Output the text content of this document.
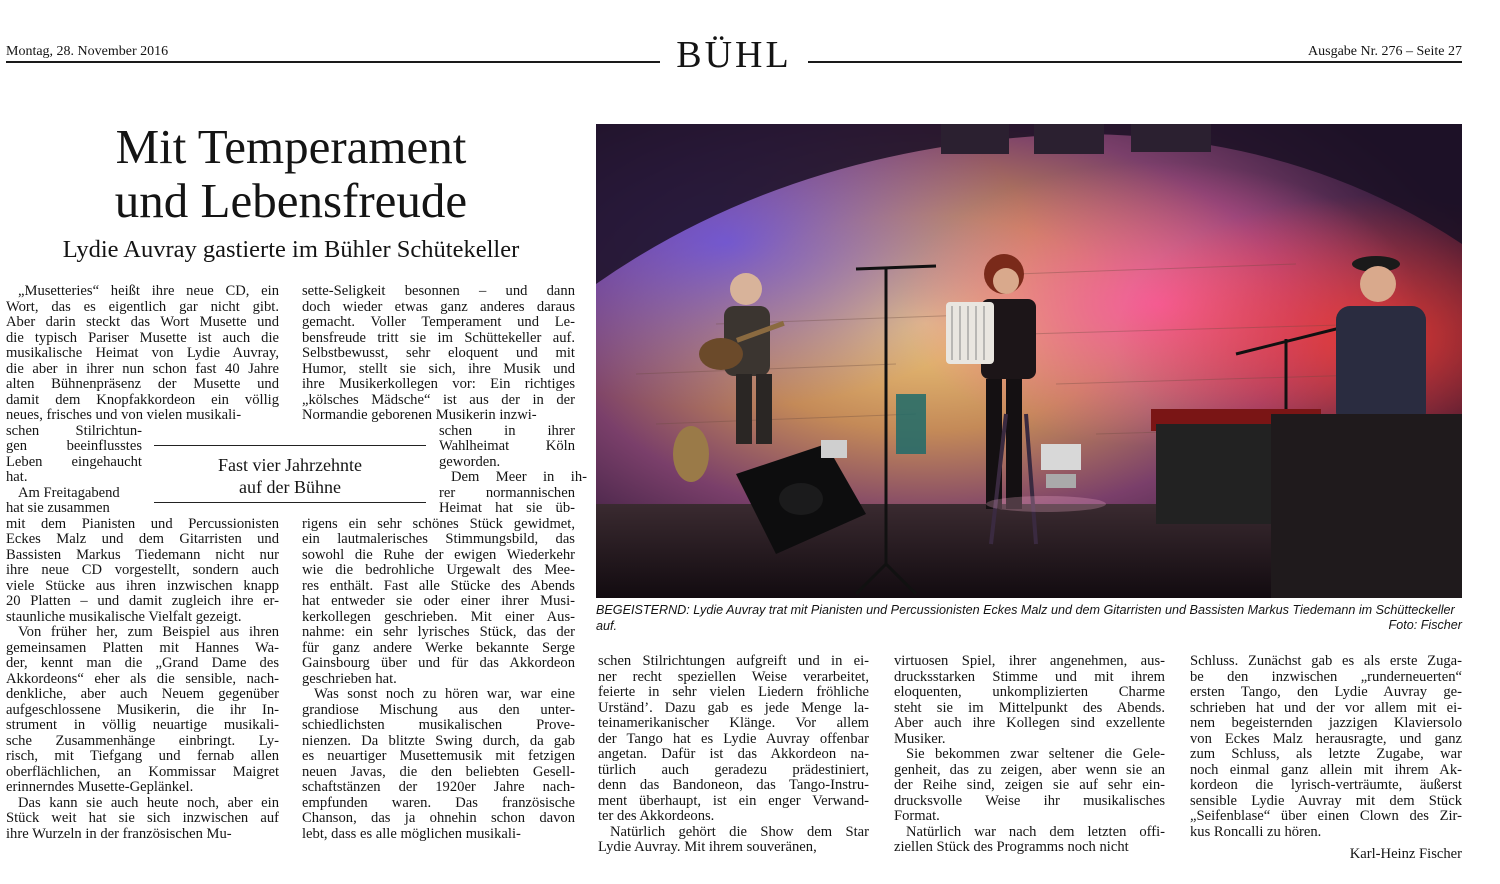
Montag, 28. November 2016	BÜHL	Ausgabe Nr. 276 – Seite 27
Mit Temperament
und Lebensfreude
Lydie Auvray gastierte im Bühler Schütekeller
„Musetteries“ heißt ihre neue CD, ein
Wort, das es eigentlich gar nicht gibt.
Aber darin steckt das Wort Musette und
die typisch Pariser Musette ist auch die
musikalische Heimat von Lydie Auvray,
die aber in ihrer nun schon fast 40 Jahre
alten Bühnenpräsenz der Musette und
damit dem Knopfakkordeon ein völlig
neues, frisches und von vielen musikali-
schen Stilrichtun-
gen beeinflusstes
Leben eingehaucht
hat.
Am Freitagabend
hat sie zusammen
mit dem Pianisten und Percussionisten
Eckes Malz und dem Gitarristen und
Bassisten Markus Tiedemann nicht nur
ihre neue CD vorgestellt, sondern auch
viele Stücke aus ihren inzwischen knapp
20 Platten – und damit zugleich ihre er-
staunliche musikalische Vielfalt gezeigt.
Von früher her, zum Beispiel aus ihren
gemeinsamen Platten mit Hannes Wa-
der, kennt man die „Grand Dame des
Akkordeons“ eher als die sensible, nach-
denkliche, aber auch Neuem gegenüber
aufgeschlossene Musikerin, die ihr In-
strument in völlig neuartige musikali-
sche Zusammenhänge einbringt. Ly-
risch, mit Tiefgang und fernab allen
oberflächlichen, an Kommissar Maigret
erinnerndes Musette-Geplänkel.
Das kann sie auch heute noch, aber ein
Stück weit hat sie sich inzwischen auf
ihre Wurzeln in der französischen Mu-
sette-Seligkeit besonnen – und dann
doch wieder etwas ganz anderes daraus
gemacht. Voller Temperament und Le-
bensfreude tritt sie im Schüttekeller auf.
Selbstbewusst, sehr eloquent und mit
Humor, stellt sie sich, ihre Musik und
ihre Musikerkollegen vor: Ein richtiges
„kölsches Mädsche“ ist aus der in der
Normandie geborenen Musikerin inzwi-
schen in ihrer
Wahlheimat Köln
geworden.
Dem Meer in ih-
rer normannischen
Heimat hat sie üb-
rigens ein sehr schönes Stück gewidmet,
ein lautmalerisches Stimmungsbild, das
sowohl die Ruhe der ewigen Wiederkehr
wie die bedrohliche Urgewalt des Mee-
res enthält. Fast alle Stücke des Abends
hat entweder sie oder einer ihrer Musi-
kerkollegen geschrieben. Mit einer Aus-
nahme: ein sehr lyrisches Stück, das der
für ganz andere Werke bekannte Serge
Gainsbourg über und für das Akkordeon
geschrieben hat.
Was sonst noch zu hören war, war eine
grandiose Mischung aus den unter-
schiedlichsten musikalischen Prove-
nienzen. Da blitzte Swing durch, da gab
es neuartiger Musettemusik mit fetzigen
neuen Javas, die den beliebten Gesell-
schaftstänzen der 1920er Jahre nach-
empfunden waren. Das französische
Chanson, das ja ohnehin schon davon
lebt, dass es alle möglichen musikali-
schen Stilrichtungen aufgreift und in ei-
ner recht speziellen Weise verarbeitet,
feierte in sehr vielen Liedern fröhliche
Urständ’. Dazu gab es jede Menge la-
teinamerikanischer Klänge. Vor allem
der Tango hat es Lydie Auvray offenbar
angetan. Dafür ist das Akkordeon na-
türlich auch geradezu prädestiniert,
denn das Bandoneon, das Tango-Instru-
ment überhaupt, ist ein enger Verwand-
ter des Akkordeons.
Natürlich gehört die Show dem Star
Lydie Auvray. Mit ihrem souveränen,
virtuosen Spiel, ihrer angenehmen, aus-
drucksstarken Stimme und mit ihrem
eloquenten, unkomplizierten Charme
steht sie im Mittelpunkt des Abends.
Aber auch ihre Kollegen sind exzellente
Musiker.
Sie bekommen zwar seltener die Gele-
genheit, das zu zeigen, aber wenn sie an
der Reihe sind, zeigen sie auf sehr ein-
drucksvolle Weise ihr musikalisches
Format.
Natürlich war nach dem letzten offi-
ziellen Stück des Programms noch nicht
Schluss. Zunächst gab es als erste Zuga-
be den inzwischen „runderneuerten“
ersten Tango, den Lydie Auvray ge-
schrieben hat und der vor allem mit ei-
nem begeisternden jazzigen Klaviersolo
von Eckes Malz herausragte, und ganz
zum Schluss, als letzte Zugabe, war
noch einmal ganz allein mit ihrem Ak-
kordeon die lyrisch-verträumte, äußerst
sensible Lydie Auvray mit dem Stück
„Seifenblase“ über einen Clown des Zir-
kus Roncalli zu hören.
Fast vier Jahrzehnte
auf der Bühne
BEGEISTERND: Lydie Auvray trat mit Pianisten und Percussionisten Eckes Malz und dem Gitarristen und Bassisten Markus Tiedemann im Schütteckeller auf.	Foto: Fischer
Karl-Heinz Fischer
